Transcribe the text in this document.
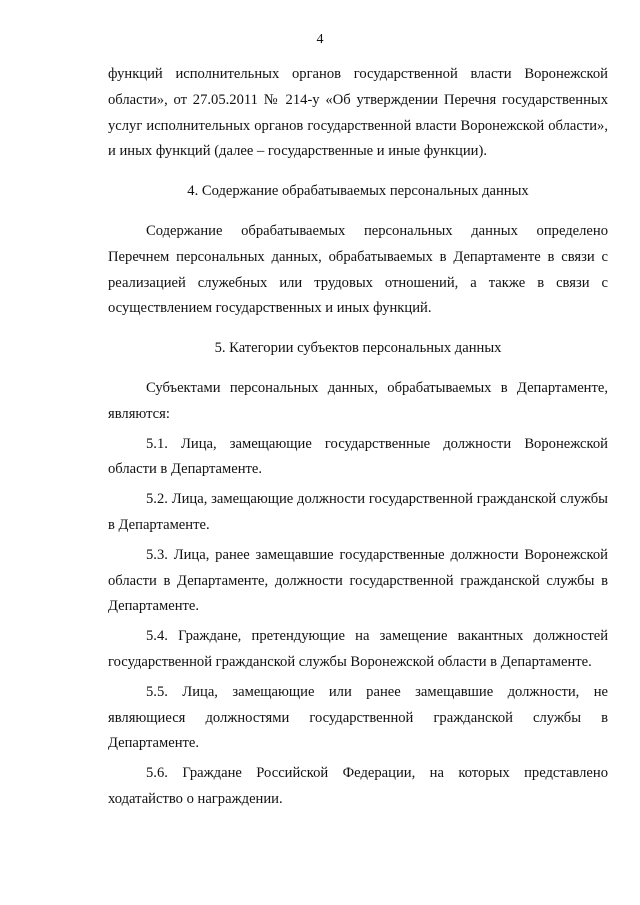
4

функций исполнительных органов государственной власти Воронежской области», от 27.05.2011 № 214-у «Об утверждении Перечня государственных услуг исполнительных органов государственной власти Воронежской области», и иных функций (далее – государственные и иные функции).

4. Содержание обрабатываемых персональных данных

Содержание обрабатываемых персональных данных определено Перечнем персональных данных, обрабатываемых в Департаменте в связи с реализацией служебных или трудовых отношений, а также в связи с осуществлением государственных и иных функций.

5. Категории субъектов персональных данных

Субъектами персональных данных, обрабатываемых в Департаменте, являются:

5.1. Лица, замещающие государственные должности Воронежской области в Департаменте.

5.2. Лица, замещающие должности государственной гражданской службы в Департаменте.

5.3. Лица, ранее замещавшие государственные должности Воронежской области в Департаменте, должности государственной гражданской службы в Департаменте.

5.4. Граждане, претендующие на замещение вакантных должностей государственной гражданской службы Воронежской области в Департаменте.

5.5. Лица, замещающие или ранее замещавшие должности, не являющиеся должностями государственной гражданской службы в Департаменте.

5.6. Граждане Российской Федерации, на которых представлено ходатайство о награждении.
